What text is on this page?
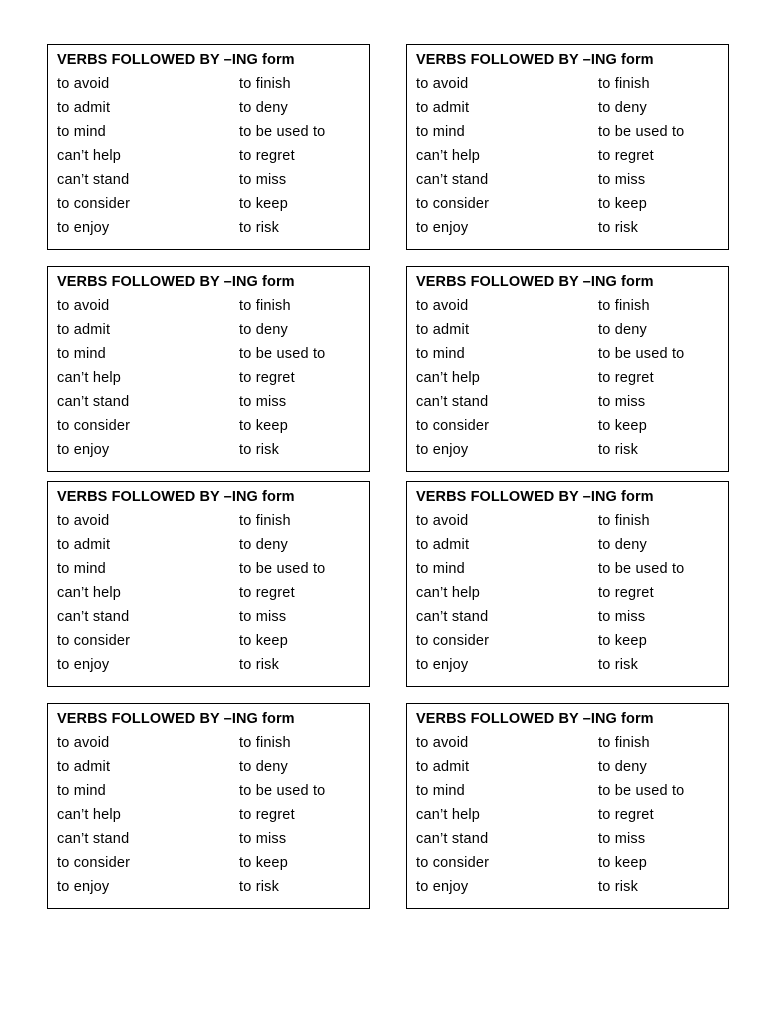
VERBS FOLLOWED BY –ING form
to avoid	to finish
to admit	to deny
to mind	to be used to
can’t help	to regret
can’t stand	to miss
to consider	to keep
to enjoy	to risk
VERBS FOLLOWED BY –ING form
to avoid	to finish
to admit	to deny
to mind	to be used to
can’t help	to regret
can’t stand	to miss
to consider	to keep
to enjoy	to risk
VERBS FOLLOWED BY –ING form
to avoid	to finish
to admit	to deny
to mind	to be used to
can’t help	to regret
can’t stand	to miss
to consider	to keep
to enjoy	to risk
VERBS FOLLOWED BY –ING form
to avoid	to finish
to admit	to deny
to mind	to be used to
can’t help	to regret
can’t stand	to miss
to consider	to keep
to enjoy	to risk
VERBS FOLLOWED BY –ING form
to avoid	to finish
to admit	to deny
to mind	to be used to
can’t help	to regret
can’t stand	to miss
to consider	to keep
to enjoy	to risk
VERBS FOLLOWED BY –ING form
to avoid	to finish
to admit	to deny
to mind	to be used to
can’t help	to regret
can’t stand	to miss
to consider	to keep
to enjoy	to risk
VERBS FOLLOWED BY –ING form
to avoid	to finish
to admit	to deny
to mind	to be used to
can’t help	to regret
can’t stand	to miss
to consider	to keep
to enjoy	to risk
VERBS FOLLOWED BY –ING form
to avoid	to finish
to admit	to deny
to mind	to be used to
can’t help	to regret
can’t stand	to miss
to consider	to keep
to enjoy	to risk
